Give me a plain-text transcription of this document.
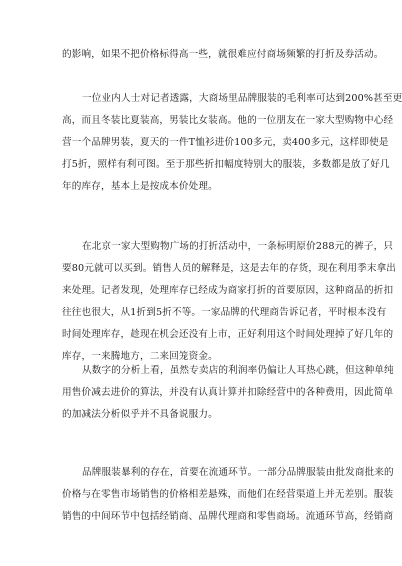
的影响，如果不把价格标得高一些，就很难应付商场频繁的打折及券活动。
一位业内人士对记者透露，大商场里品牌服装的毛利率可达到200%甚至更
高，而且冬装比夏装高，男装比女装高。他的一位朋友在一家大型购物中心经
营一个品牌男装，夏天的一件T恤衫进价100多元，卖400多元，这样即使是
打5折，照样有利可图。至于那些折扣幅度特别大的服装，多数都是放了好几
年的库存，基本上是按成本价处理。
在北京一家大型购物广场的打折活动中，一条标明原价288元的裤子，只
要80元就可以买到。销售人员的解释是，这是去年的存货，现在利用季末拿出
来处理。记者发现，处理库存已经成为商家打折的首要原因，这种商品的折扣
往往也很大，从1折到5折不等。一家品牌的代理商告诉记者，平时根本没有
时间处理库存，趁现在机会还没有上市，正好利用这个时间处理掉了好几年的
库存，一来腾地方，二来回笼资金。
从数字的分析上看，虽然专卖店的利润率仍偏让人耳热心跳，但这种单纯
用售价减去进价的算法，并没有认真计算并扣除经营中的各种费用，因此简单
的加减法分析似乎并不具备说服力。
品牌服装暴利的存在，首要在流通环节。一部分品牌服装由批发商批来的
价格与在零售市场销售的价格相差悬殊，而他们在经营渠道上并无差别。服装
销售的中间环节中包括经销商、品牌代理商和零售商场。流通环节高，经销商
